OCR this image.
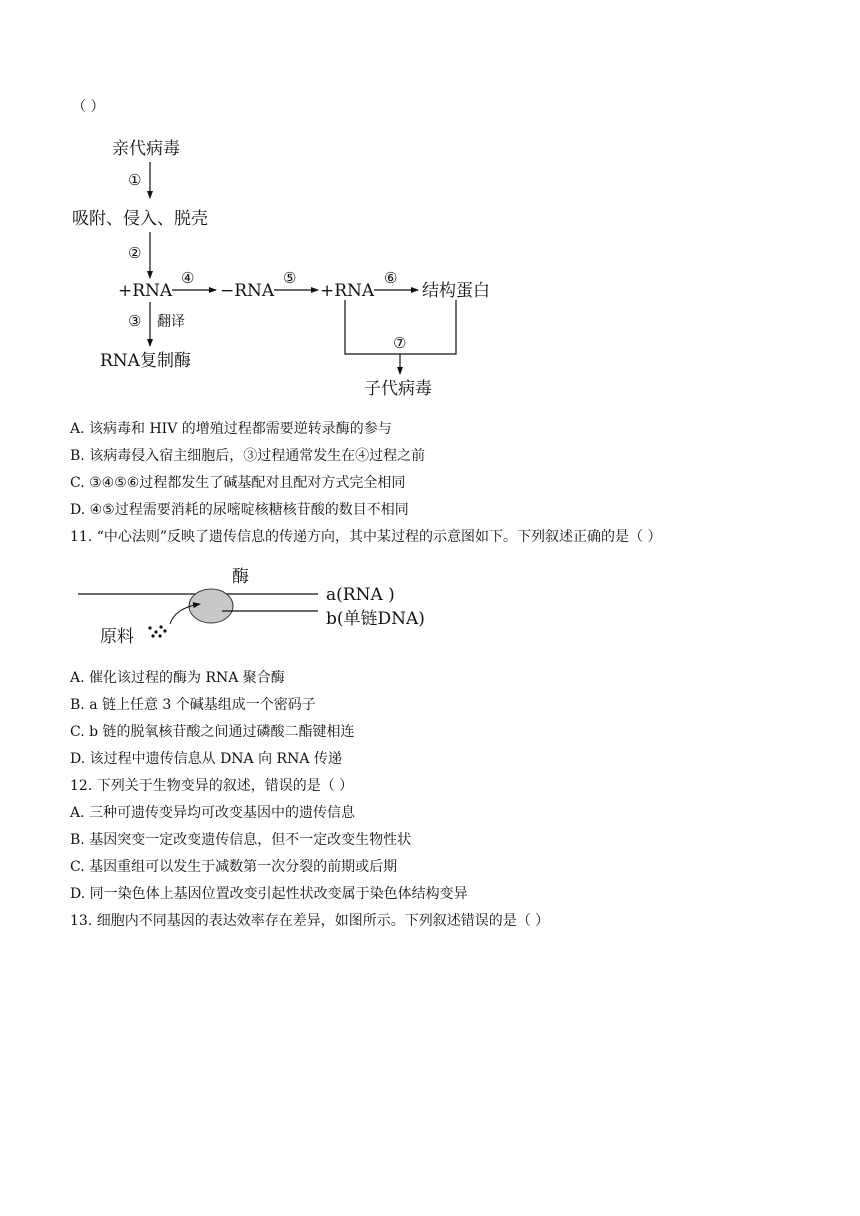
（ ）
亲代病毒
①
吸附、侵入、脱壳
②
+RNA
④
−RNA
⑤
+RNA
⑥
结构蛋白
③ 翻译
RNA复制酶
⑦
子代病毒
A. 该病毒和 HIV 的增殖过程都需要逆转录酶的参与
B. 该病毒侵入宿主细胞后，③过程通常发生在④过程之前
C. ③④⑤⑥过程都发生了碱基配对且配对方式完全相同
D. ④⑤过程需要消耗的尿嘧啶核糖核苷酸的数目不相同
11. “中心法则”反映了遗传信息的传递方向，其中某过程的示意图如下。下列叙述正确的是（ ）
酶
a(RNA )
b(单链DNA)
原料
A. 催化该过程的酶为 RNA 聚合酶
B. a 链上任意 3 个碱基组成一个密码子
C. b 链的脱氧核苷酸之间通过磷酸二酯键相连
D. 该过程中遗传信息从 DNA 向 RNA 传递
12. 下列关于生物变异的叙述，错误的是（ ）
A. 三种可遗传变异均可改变基因中的遗传信息
B. 基因突变一定改变遗传信息，但不一定改变生物性状
C. 基因重组可以发生于减数第一次分裂的前期或后期
D. 同一染色体上基因位置改变引起性状改变属于染色体结构变异
13. 细胞内不同基因的表达效率存在差异，如图所示。下列叙述错误的是（ ）
